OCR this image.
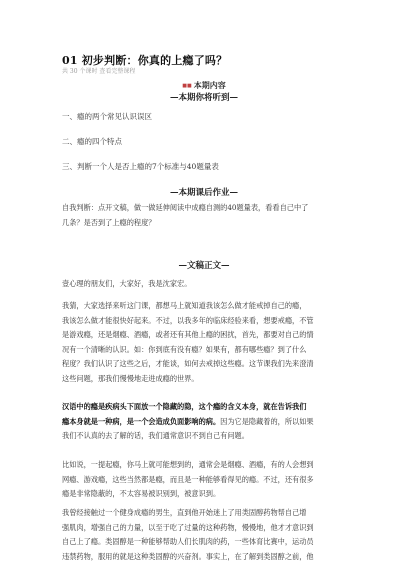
01 初步判断：你真的上瘾了吗？
共 30 个课时 查看完整课程
■■ 本期内容
—本期你将听到—
一、瘾的两个常见认识误区
二、瘾的四个特点
三、判断一个人是否上瘾的7个标准与40题量表
—本期课后作业—
自我判断：点开文稿，做一做延伸阅读中成瘾自测的40题量表，看看自己中了
几条？是否到了上瘾的程度？
—文稿正文—
壹心理的朋友们，大家好，我是沈家宏。
我猜，大家选择来听这门课，都想马上就知道我该怎么做才能戒掉自己的瘾，
我该怎么做才能很快好起来。不过，以我多年的临床经验来看，想要戒瘾，不管
是游戏瘾，还是烟瘾、酒瘾，或者还有其他上瘾的困扰，首先，都要对自己的情
况有一个清晰的认识。如：你到底有没有瘾？如果有，都有哪些瘾？到了什么
程度？我们认识了这些之后，才能谈，如何去戒掉这些瘾。这节课我们先来澄清
这些问题，那我们慢慢地走进成瘾的世界。
汉语中的瘾是疾病头下面放一个隐藏的隐，这个瘾的含义本身，就在告诉我们
瘾本身就是一种病，是一个会造成负面影响的病。因为它是隐藏着的，所以如果
我们不认真的去了解的话，我们通常意识不到自己有问题。
比如说，一提起瘾，你马上就可能想到的，通常会是烟瘾、酒瘾，有的人会想到
网瘾、游戏瘾，这些当然都是瘾，而且是一种能够看得见的瘾。不过，还有很多
瘾是非常隐蔽的，不太容易被识别到，被意识到。
我曾经接触过一个健身成瘾的男生，直到他开始迷上了用类固醇药物帮自己增
强肌肉，增强自己的力量，以至于吃了过量的这种药物，慢慢地，他才才意识到
自己上了瘾。类固醇是一种能够帮助人们长肌肉的药，一些体育比赛中，运动员
违禁药物，服用的就是这种类固醇的兴奋剂。事实上，在了解到类固醇之前，他
